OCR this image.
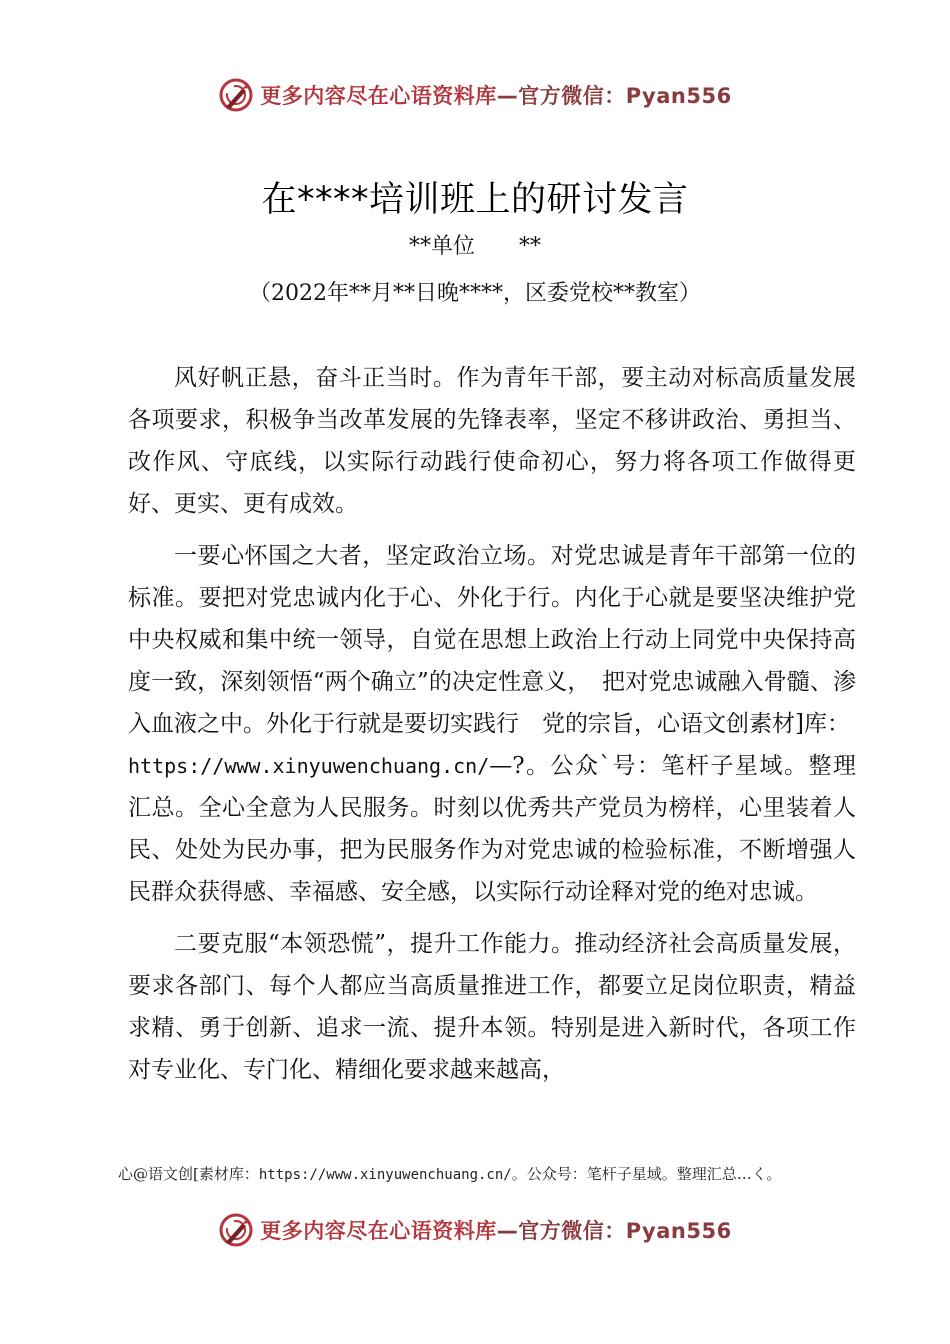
更多内容尽在心语资料库—官方微信：Pyan556
在****培训班上的研讨发言
**单位　　**
（2022年**月**日晚****，区委党校**教室）

风好帆正悬，奋斗正当时。作为青年干部，要主动对标高质量发展各项要求，积极争当改革发展的先锋表率，坚定不移讲政治、勇担当、改作风、守底线，以实际行动践行使命初心，努力将各项工作做得更好、更实、更有成效。

一要心怀国之大者，坚定政治立场。对党忠诚是青年干部第一位的标准。要把对党忠诚内化于心、外化于行。内化于心就是要坚决维护党中央权威和集中统一领导，自觉在思想上政治上行动上同党中央保持高度一致，深刻领悟“两个确立”的决定性意义，　把对党忠诚融入骨髓、渗入血液之中。外化于行就是要切实践行　党的宗旨，心语文创素材]库：

https://www.xinyuwenchuang.cn/—?。公众`号：笔杆子星域。整理汇总。全心全意为人民服务。时刻以优秀共产党员为榜样，心里装着人民、处处为民办事，把为民服务作为对党忠诚的检验标准，不断增强人民群众获得感、幸福感、安全感，以实际行动诠释对党的绝对忠诚。

二要克服“本领恐慌”，提升工作能力。推动经济社会高质量发展，要求各部门、每个人都应当高质量推进工作，都要立足岗位职责，精益求精、勇于创新、追求一流、提升本领。特别是进入新时代，各项工作对专业化、专门化、精细化要求越来越高，

心@语文创[素材库：https://www.xinyuwenchuang.cn/。公众号：笔杆子星域。整理汇总…く。
更多内容尽在心语资料库—官方微信：Pyan556
